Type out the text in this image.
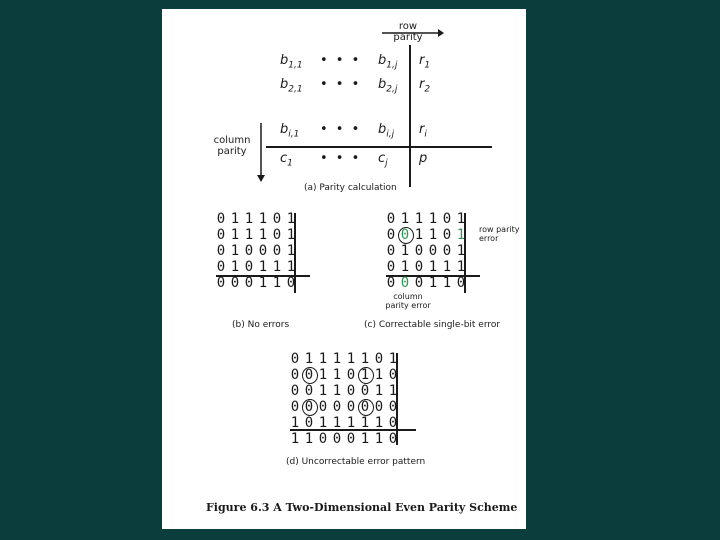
row
parity
column
parity
$b_{1,1}$ • • • $b_{1,j}$ $r_1$
$b_{2,1}$ • • • $b_{2,j}$ $r_2$
$b_{i,1}$ • • • $b_{i,j}$ $r_i$
$c_1$ • • • $c_j$ p
(a) Parity calculation
0 1 1 1 0 1
0 1 1 1 0 1
0 1 0 0 0 1
0 1 0 1 1 1
0 0 0 1 1 0
(b) No errors
0 1 1 1 0 1
0 0 1 1 0 1
0 1 0 0 0 1
0 1 0 1 1 1
0 0 0 1 1 0
row parity
error
column
parity error
(c) Correctable single-bit error
0 1 1 1 1 1 0 1
0 0 1 1 0 1 1 0
0 0 1 1 0 0 1 1
0 0 0 0 0 0 0 0
1 0 1 1 1 1 1 0
1 1 0 0 0 1 1 0
(d) Uncorrectable error pattern
Figure 6.3 A Two-Dimensional Even Parity Scheme
